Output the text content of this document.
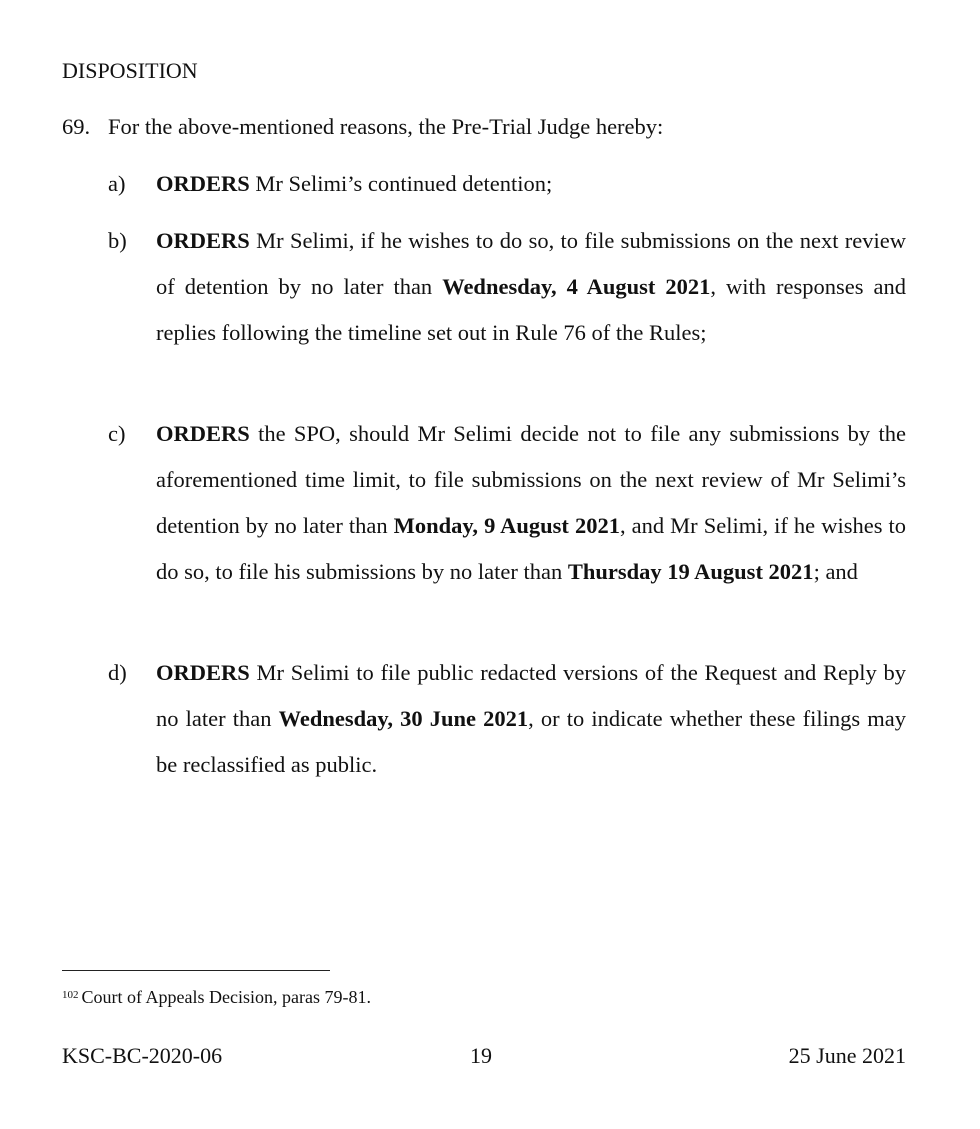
DISPOSITION
69. For the above-mentioned reasons, the Pre-Trial Judge hereby:
a) ORDERS Mr Selimi’s continued detention;
b) ORDERS Mr Selimi, if he wishes to do so, to file submissions on the next review of detention by no later than Wednesday, 4 August 2021, with responses and replies following the timeline set out in Rule 76 of the Rules;
c) ORDERS the SPO, should Mr Selimi decide not to file any submissions by the aforementioned time limit, to file submissions on the next review of Mr Selimi’s detention by no later than Monday, 9 August 2021, and Mr Selimi, if he wishes to do so, to file his submissions by no later than Thursday 19 August 2021; and
d) ORDERS Mr Selimi to file public redacted versions of the Request and Reply by no later than Wednesday, 30 June 2021, or to indicate whether these filings may be reclassified as public.
$^{102}$ Court of Appeals Decision, paras 79-81.
KSC-BC-2020-06	19	25 June 2021
